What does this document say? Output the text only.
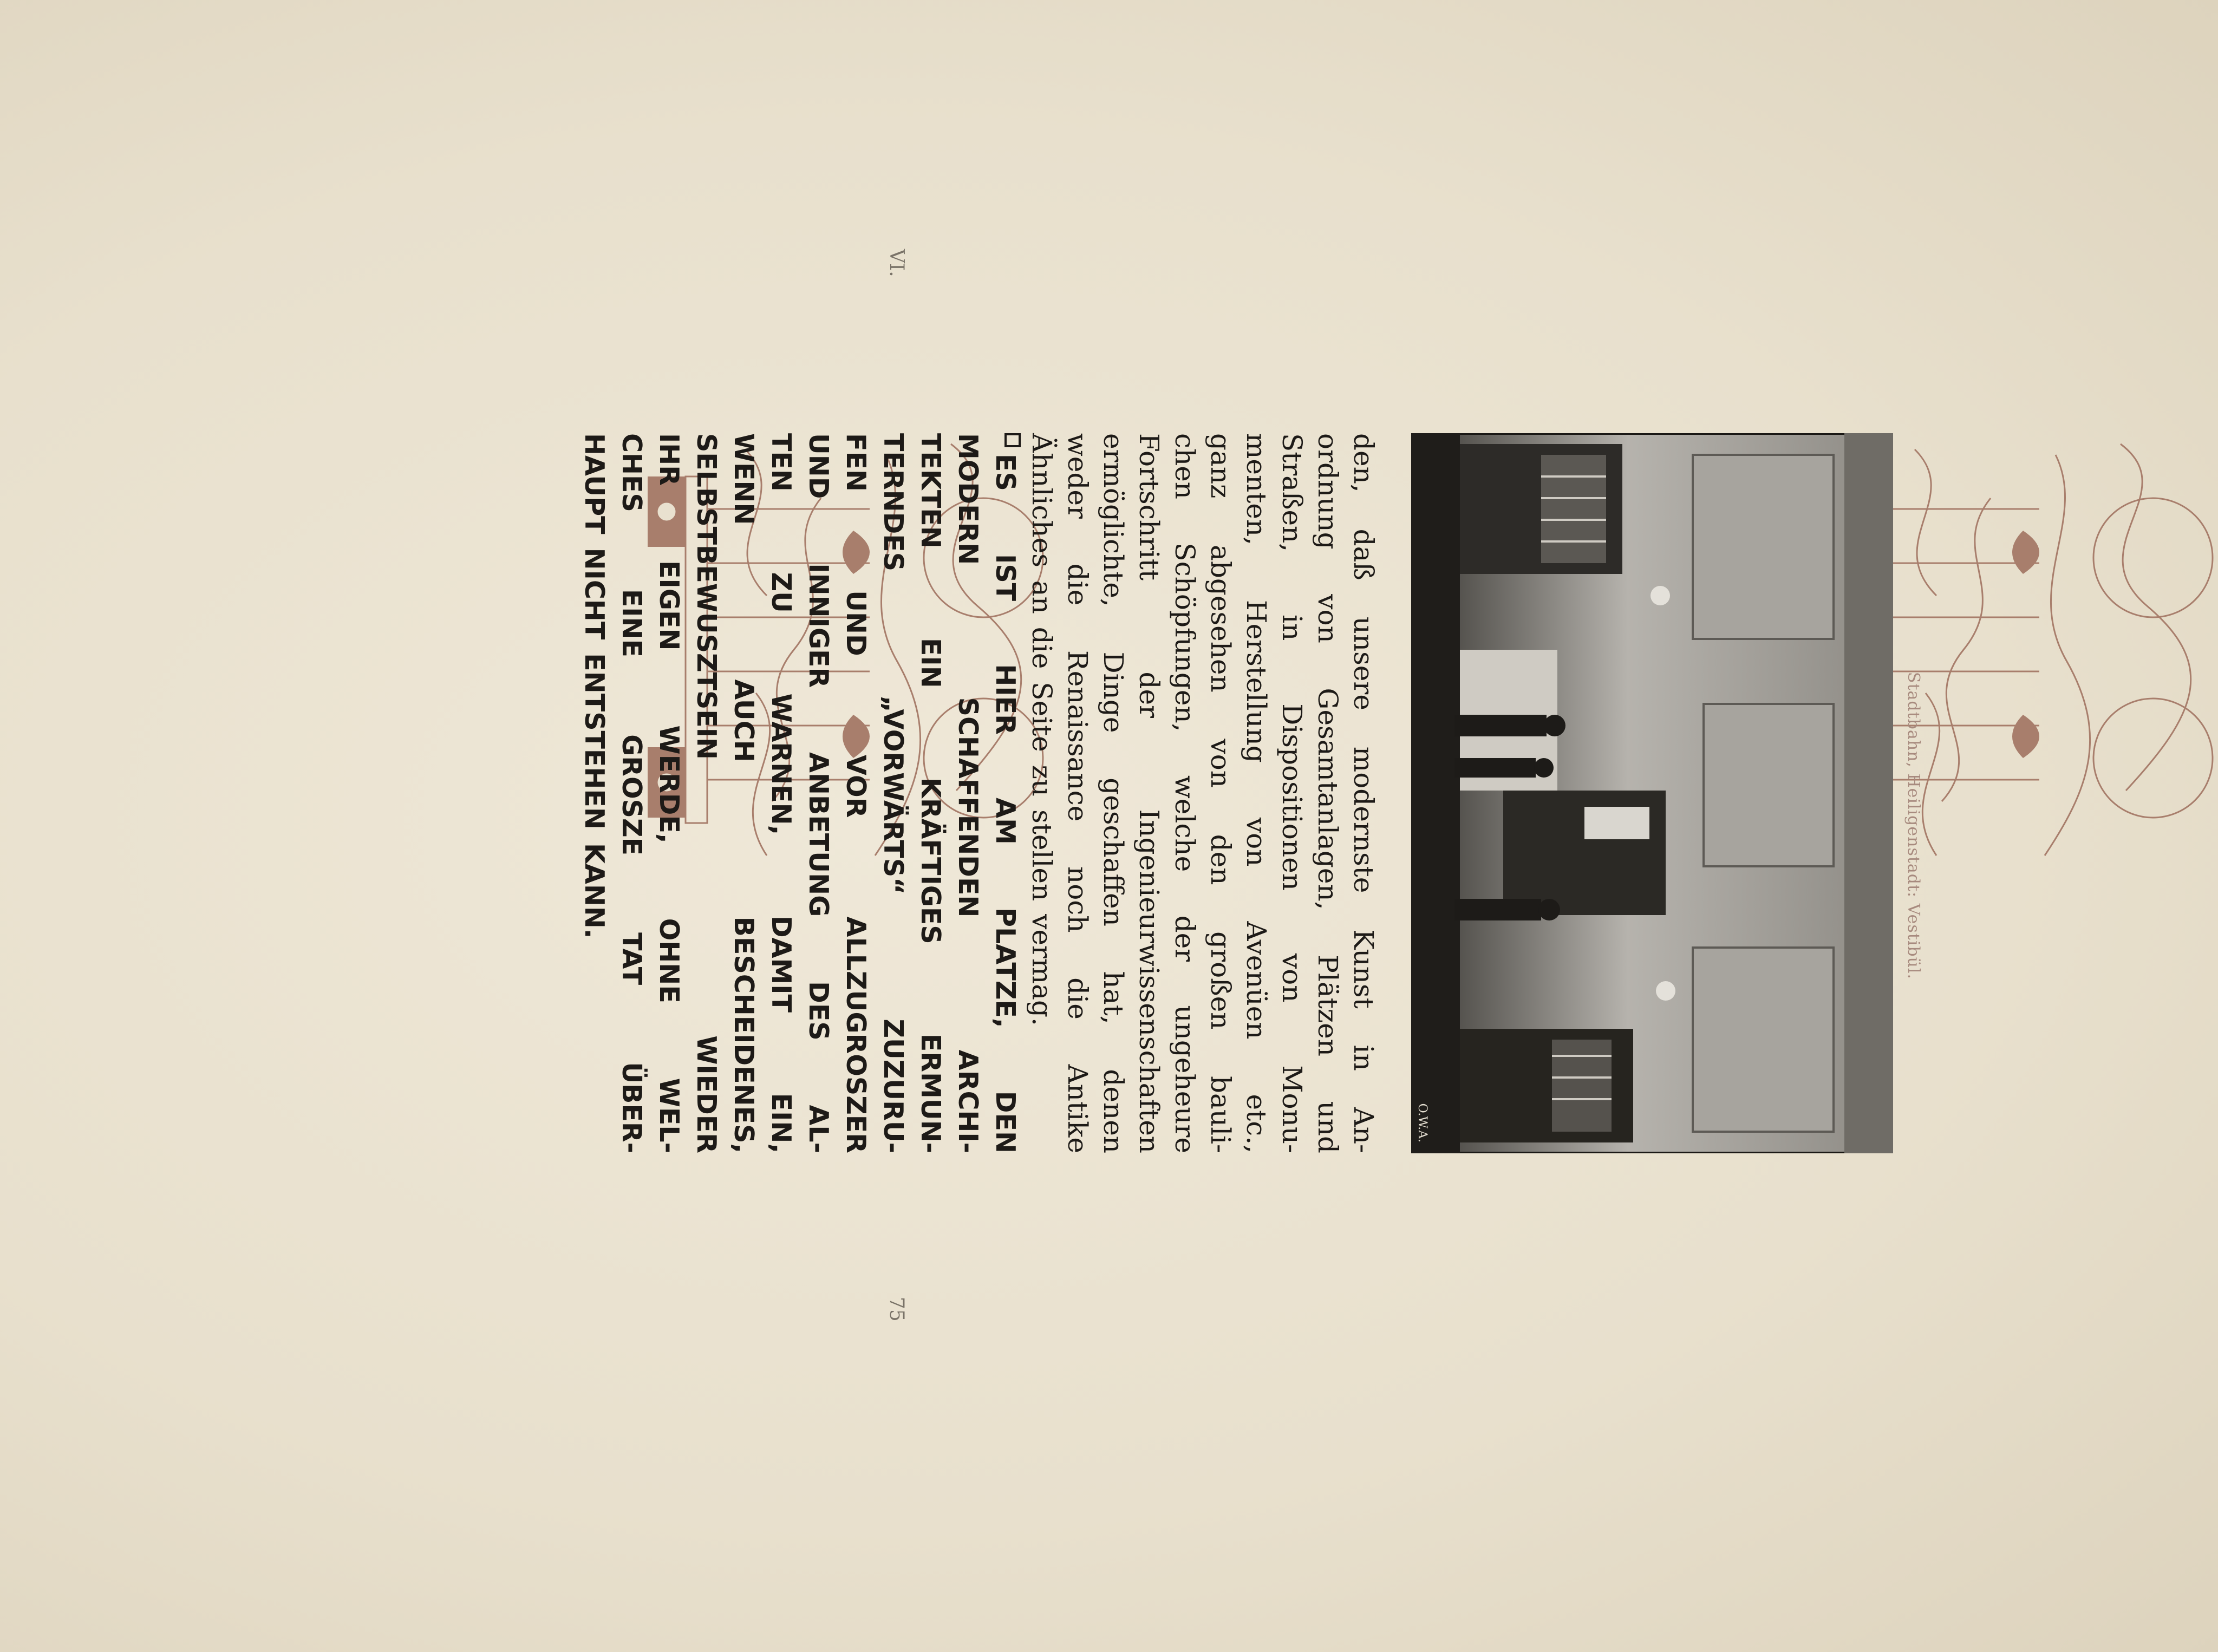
Stadtbahn, Heiligenstadt: Vestibül.
O.W.A.
den,
daß
unsere
modernste
Kunst
in
An-
ordnung
von
Gesamtanlagen,
Plätzen
und
Straßen,
in
Dispositionen
von
Monu-
menten,
Herstellung
von
Avenüen
etc.,
ganz
abgesehen
von
den
großen
bauli-
chen
Schöpfungen,
welche
der
ungeheure
Fortschritt
der
Ingenieurwissenschaften
ermöglichte,
Dinge
geschaffen
hat,
denen
weder
die
Renaissance
noch
die
Antike
Ähnliches an die Seite zu stellen vermag.
ES
IST
HIER
AM
PLATZE,
DEN
MODERN
SCHAFFENDEN
ARCHI-
TEKTEN
EIN
KRÄFTIGES
ERMUN-
TERNDES
„VORWÄRTS“
ZUZURU-
FEN
UND
VOR
ALLZUGROSZER
UND
INNIGER
ANBETUNG
DES
AL-
TEN
ZU
WARNEN,
DAMIT
EIN,
WENN
AUCH
BESCHEIDENES,
SELBSTBEWUSZTSEIN
WIEDER
IHR
EIGEN
WERDE,
OHNE
WEL-
CHES
EINE
GROSZE
TAT
ÜBER-
HAUPT NICHT ENTSTEHEN KANN.
75
VI.
